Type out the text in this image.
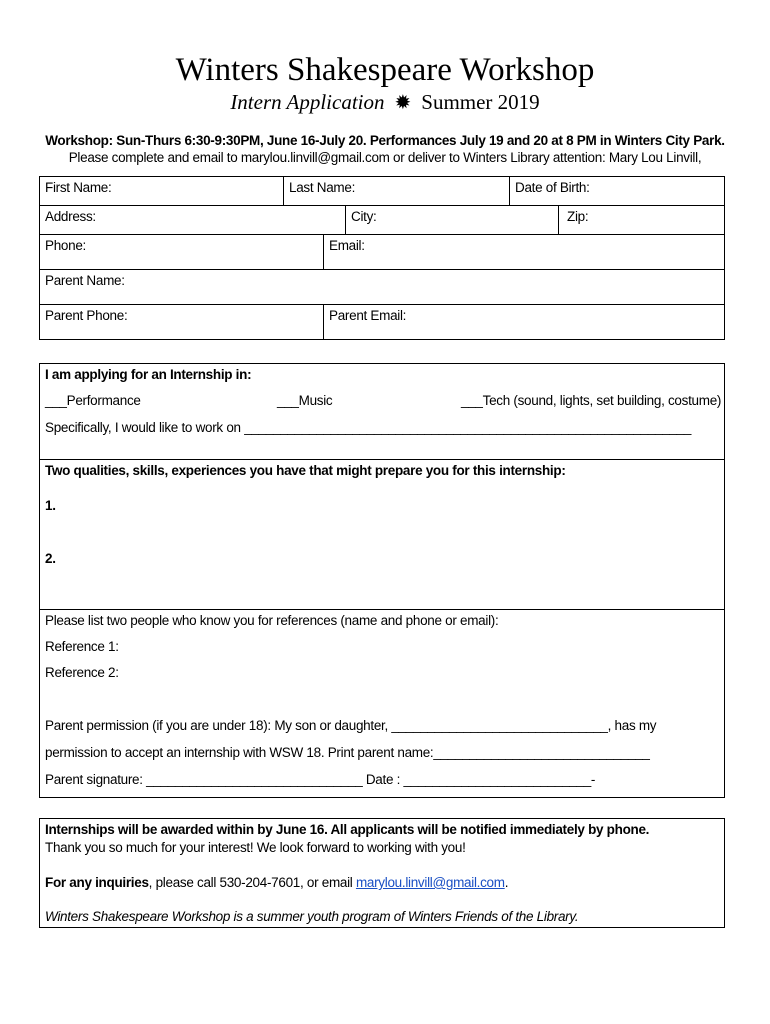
Winters Shakespeare Workshop
Intern Application ✹ Summer 2019
Workshop: Sun-Thurs 6:30-9:30PM, June 16-July 20. Performances July 19 and 20 at 8 PM in Winters City Park.
Please complete and email to marylou.linvill@gmail.com or deliver to Winters Library attention: Mary Lou Linvill,
First Name:	Last Name:	Date of Birth:
Address:	City:	Zip:
Phone:	Email:
Parent Name:
Parent Phone:	Parent Email:
I am applying for an Internship in:
___Performance	___Music	___Tech (sound, lights, set building, costume)
Specifically, I would like to work on ______________________________________________________________
Two qualities, skills, experiences you have that might prepare you for this internship:
1.
2.
Please list two people who know you for references (name and phone or email):
Reference 1:
Reference 2:
Parent permission (if you are under 18): My son or daughter, ______________________________, has my
permission to accept an internship with WSW 18. Print parent name:______________________________
Parent signature: ______________________________ Date : __________________________-
Internships will be awarded within by June 16. All applicants will be notified immediately by phone.
Thank you so much for your interest! We look forward to working with you!
For any inquiries, please call 530-204-7601, or email marylou.linvill@gmail.com.
Winters Shakespeare Workshop is a summer youth program of Winters Friends of the Library.
